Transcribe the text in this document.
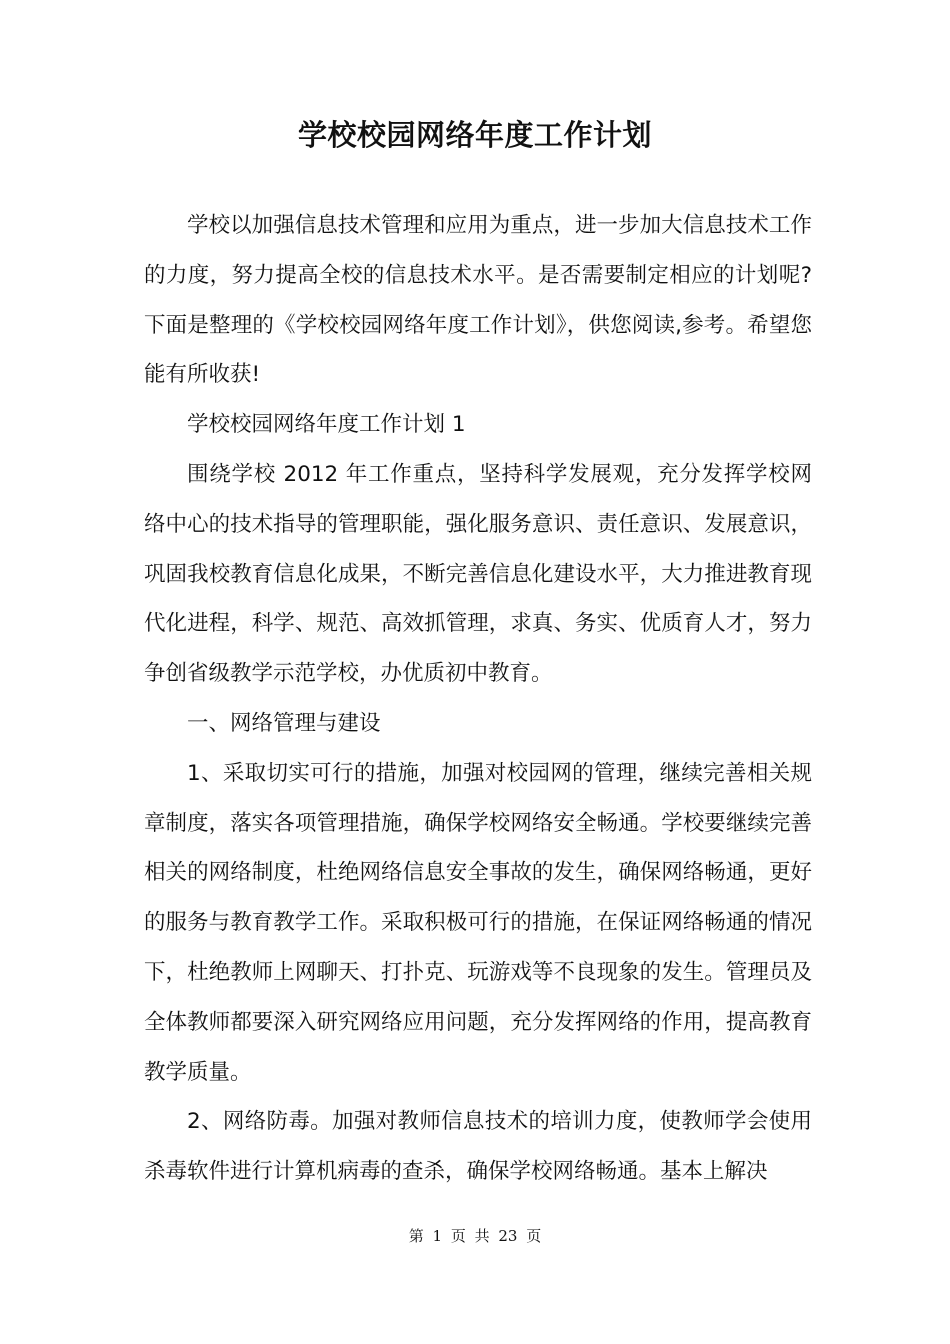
学校校园网络年度工作计划

学校以加强信息技术管理和应用为重点，进一步加大信息技术工作的力度，努力提高全校的信息技术水平。是否需要制定相应的计划呢?下面是整理的《学校校园网络年度工作计划》，供您阅读,参考。希望您能有所收获!

学校校园网络年度工作计划 1

围绕学校 2012 年工作重点，坚持科学发展观，充分发挥学校网络中心的技术指导的管理职能，强化服务意识、责任意识、发展意识，巩固我校教育信息化成果，不断完善信息化建设水平，大力推进教育现代化进程，科学、规范、高效抓管理，求真、务实、优质育人才，努力争创省级教学示范学校，办优质初中教育。

一、网络管理与建设

1、采取切实可行的措施，加强对校园网的管理，继续完善相关规章制度，落实各项管理措施，确保学校网络安全畅通。学校要继续完善相关的网络制度，杜绝网络信息安全事故的发生，确保网络畅通，更好的服务与教育教学工作。采取积极可行的措施，在保证网络畅通的情况下，杜绝教师上网聊天、打扑克、玩游戏等不良现象的发生。管理员及全体教师都要深入研究网络应用问题，充分发挥网络的作用，提高教育教学质量。

2、网络防毒。加强对教师信息技术的培训力度，使教师学会使用杀毒软件进行计算机病毒的查杀，确保学校网络畅通。基本上解决

第 1 页 共 23 页
